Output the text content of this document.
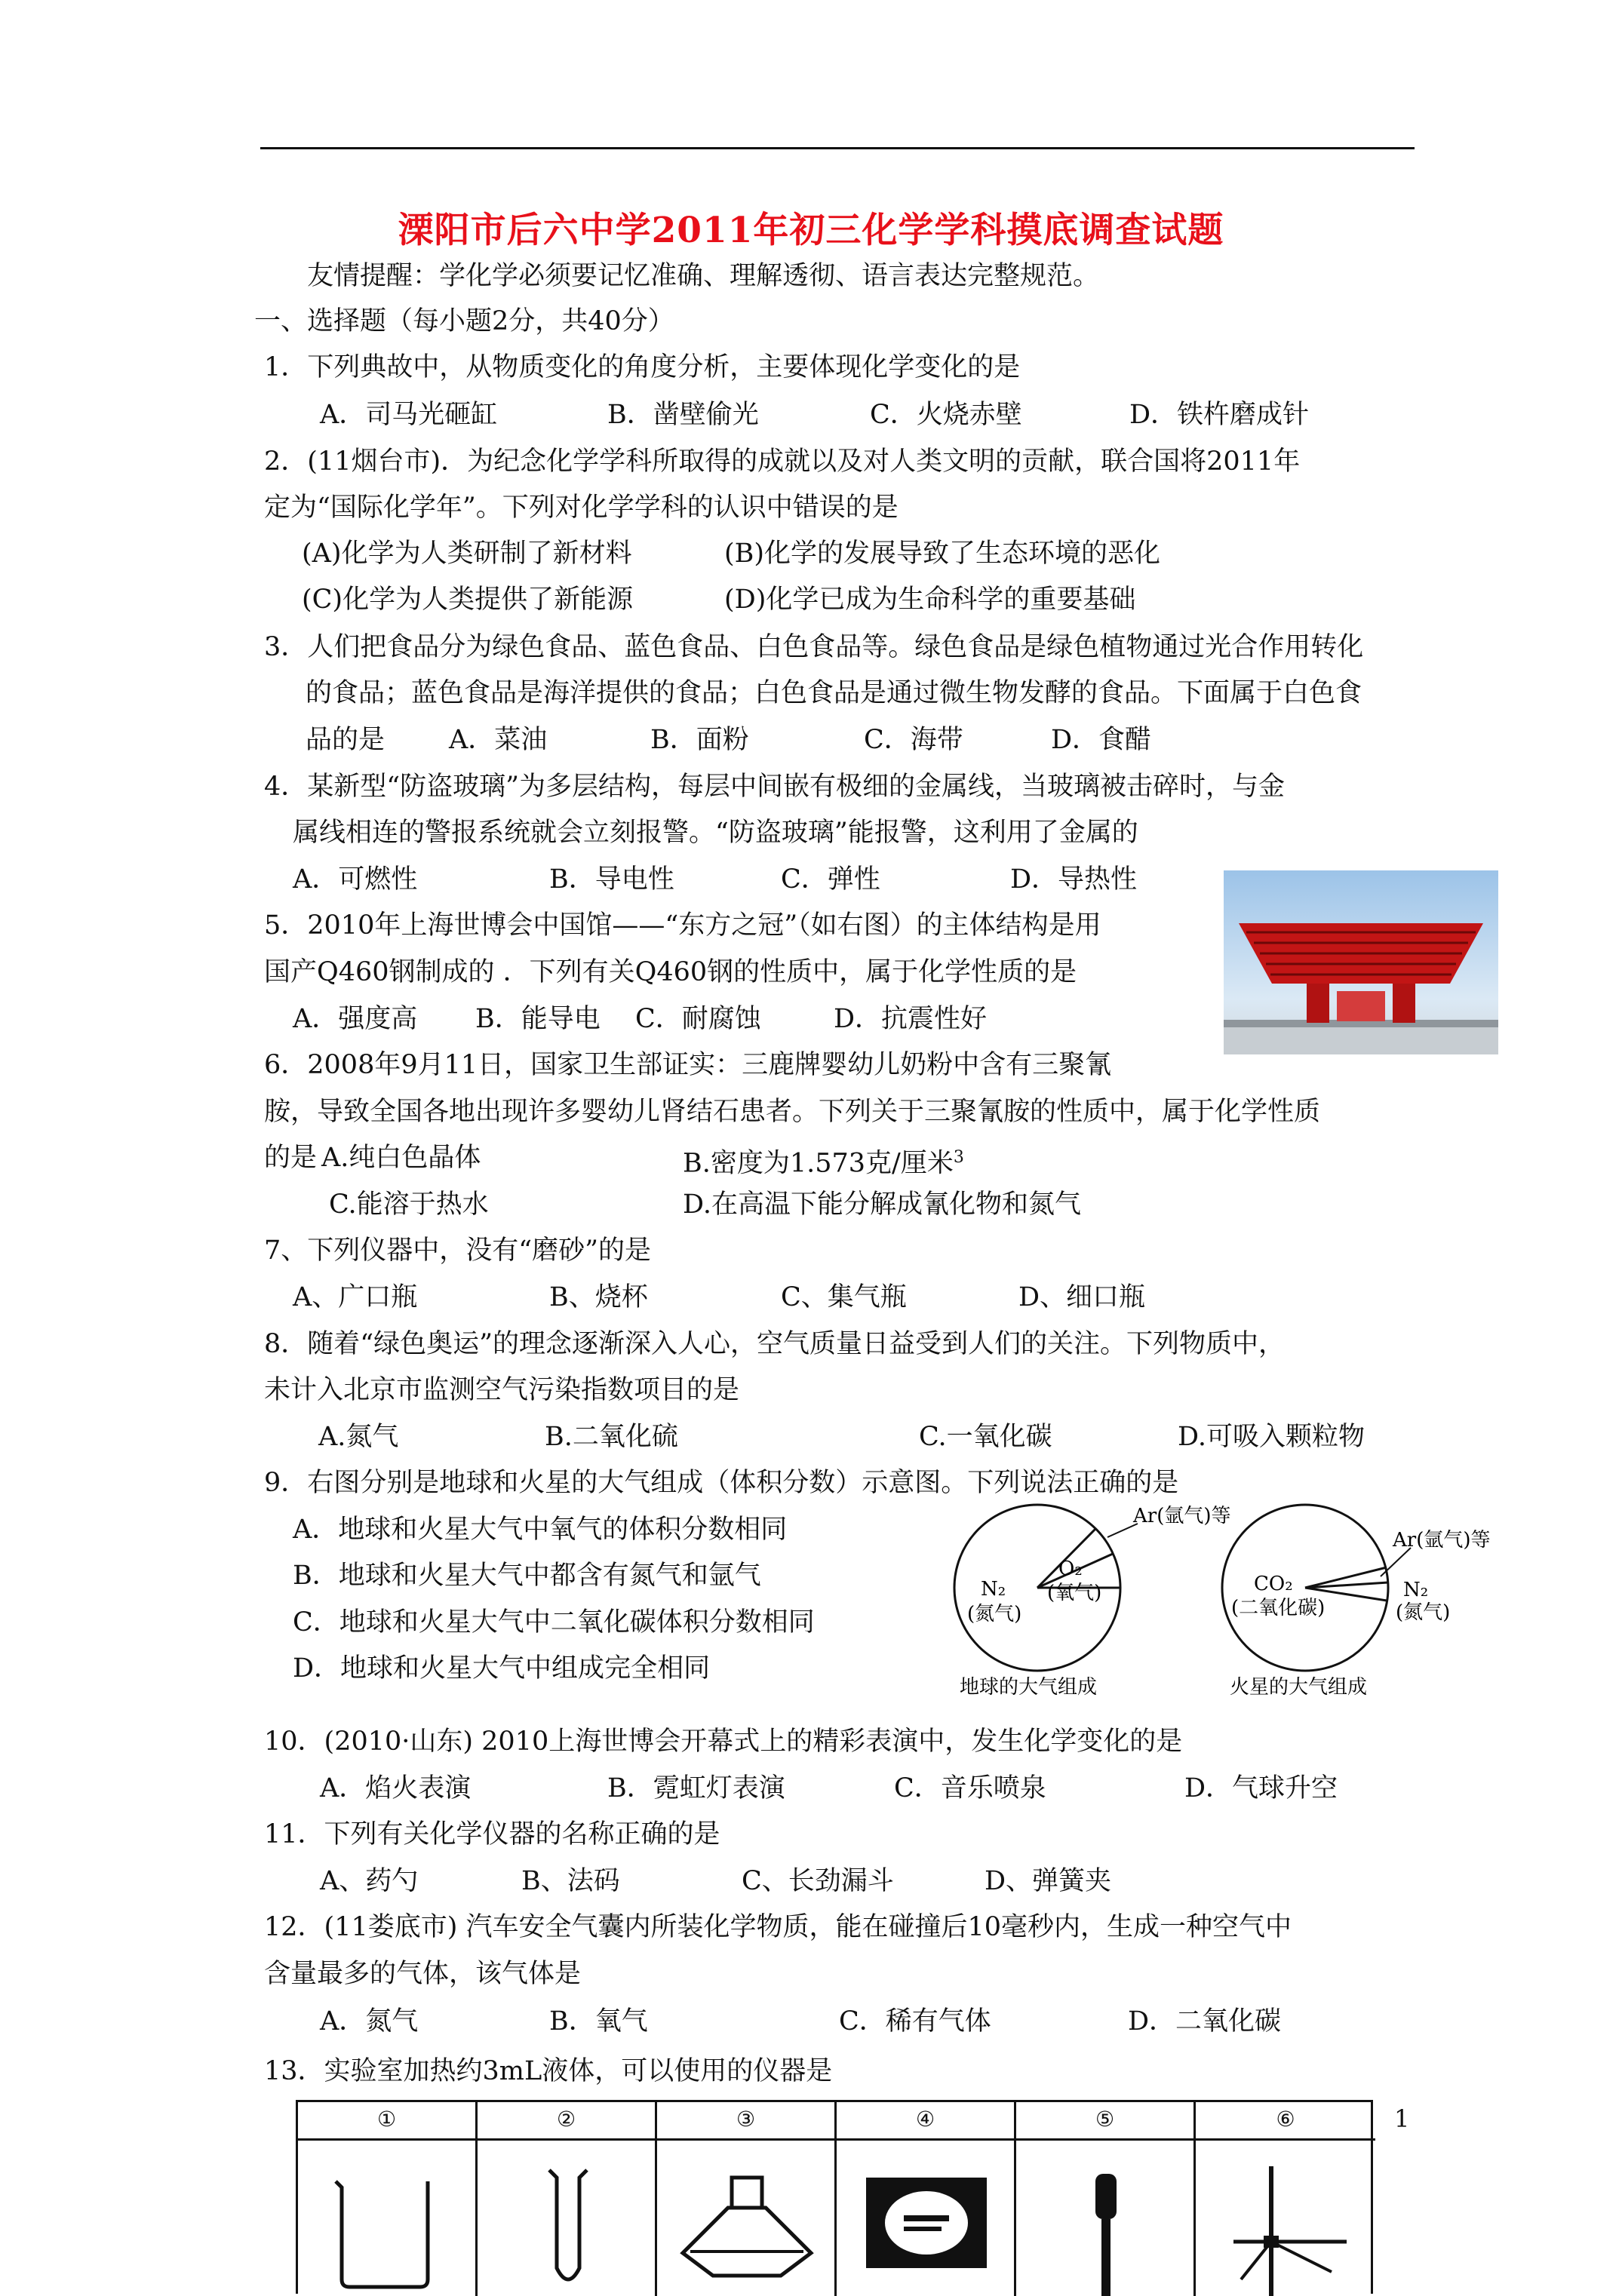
溧阳市后六中学2011年初三化学学科摸底调查试题
友情提醒：学化学必须要记忆准确、理解透彻、语言表达完整规范。
一、选择题（每小题2分，共40分）
1．下列典故中，从物质变化的角度分析，主要体现化学变化的是
A．司马光砸缸	B．凿壁偷光	C．火烧赤壁	D．铁杵磨成针
2．(11烟台市)．为纪念化学学科所取得的成就以及对人类文明的贡献，联合国将2011年
定为“国际化学年”。下列对化学学科的认识中错误的是
(A)化学为人类研制了新材料	(B)化学的发展导致了生态环境的恶化
(C)化学为人类提供了新能源	(D)化学已成为生命科学的重要基础
3．人们把食品分为绿色食品、蓝色食品、白色食品等。绿色食品是绿色植物通过光合作用转化
的食品；蓝色食品是海洋提供的食品；白色食品是通过微生物发酵的食品。下面属于白色食
品的是 A．菜油	B．面粉	C．海带	D．食醋
4．某新型“防盗玻璃”为多层结构，每层中间嵌有极细的金属线，当玻璃被击碎时，与金
属线相连的警报系统就会立刻报警。“防盗玻璃”能报警，这利用了金属的
A．可燃性	B．导电性	C．弹性	D．导热性
5．2010年上海世博会中国馆——“东方之冠”（如右图）的主体结构是用
国产Q460钢制成的 ．下列有关Q460钢的性质中，属于化学性质的是
A．强度高 B．能导电 C．耐腐蚀	D．抗震性好
6．2008年9月11日，国家卫生部证实：三鹿牌婴幼儿奶粉中含有三聚氰
胺，导致全国各地出现许多婴幼儿肾结石患者。下列关于三聚氰胺的性质中，属于化学性质
的是 A.纯白色晶体	B.密度为1.573克/厘米$^3$
C.能溶于热水	D.在高温下能分解成氰化物和氮气
7、下列仪器中，没有“磨砂”的是
A、广口瓶	B、烧杯	C、集气瓶	D、细口瓶
8．随着“绿色奥运”的理念逐渐深入人心，空气质量日益受到人们的关注。下列物质中，
未计入北京市监测空气污染指数项目的是
A.氮气	B.二氧化硫	C.一氧化碳	D.可吸入颗粒物
9．右图分别是地球和火星的大气组成（体积分数）示意图。下列说法正确的是
A．地球和火星大气中氧气的体积分数相同
B．地球和火星大气中都含有氮气和氩气
C．地球和火星大气中二氧化碳体积分数相同
D．地球和火星大气中组成完全相同
Ar(氩气)等
N₂
(氮气)
O₂
(氧气)
地球的大气组成
Ar(氩气)等
N₂
(氮气)
CO₂
(二氧化碳)
火星的大气组成
10．(2010·山东) 2010上海世博会开幕式上的精彩表演中，发生化学变化的是
A．焰火表演	B．霓虹灯表演	C．音乐喷泉	D．气球升空
11．下列有关化学仪器的名称正确的是
A、药勺	B、法码	C、长劲漏斗	D、弹簧夹
12．(11娄底市) 汽车安全气囊内所装化学物质，能在碰撞后10毫秒内，生成一种空气中
含量最多的气体，该气体是
A．氮气	B．氧气	C．稀有气体	D．二氧化碳
13．实验室加热约3mL液体，可以使用的仪器是
①	②	③	④	⑤	⑥	1
